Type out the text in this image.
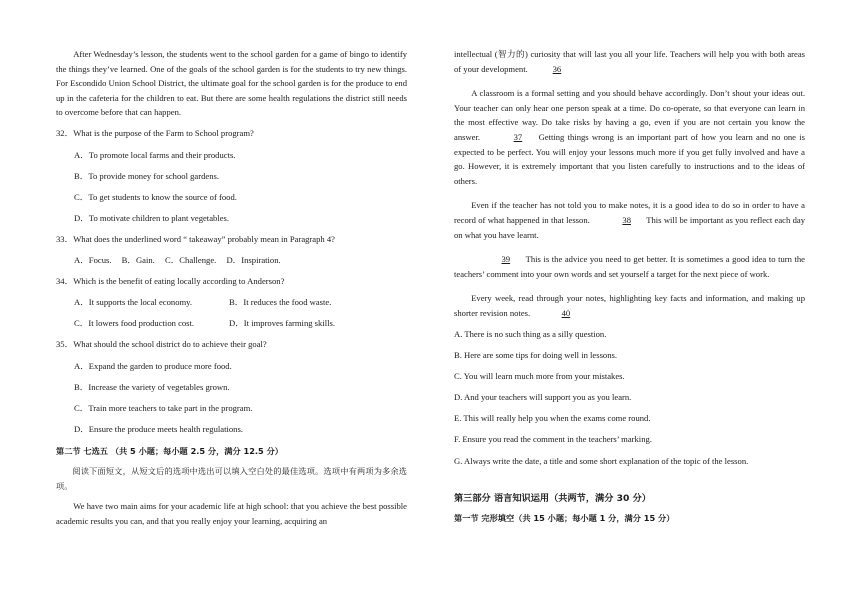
After Wednesday’s lesson, the students went to the school garden for a game of bingo to identify the things they’ve learned. One of the goals of the school garden is for the students to try new things. For Escondido Union School District, the ultimate goal for the school garden is for the produce to end up in the cafeteria for the children to eat. But there are some health regulations the district still needs to overcome before that can happen.

32．What is the purpose of the Farm to School program?

A．To promote local farms and their products.

B．To provide money for school gardens.

C．To get students to know the source of food.

D．To motivate children to plant vegetables.

33．What does the underlined word “ takeaway” probably mean in Paragraph 4?

A．Focus. B．Gain. C．Challenge. D．Inspiration.

34．Which is the benefit of eating locally according to Anderson?

A．It supports the local economy.	B．It reduces the food waste.
C．It lowers food production cost.	D．It improves farming skills.

35．What should the school district do to achieve their goal?

A．Expand the garden to produce more food.

B．Increase the variety of vegetables grown.

C．Train more teachers to take part in the program.

D．Ensure the produce meets health regulations.

第二节 七选五 （共 5 小题；每小题 2.5 分，满分 12.5 分）

阅读下面短文，从短文后的选项中选出可以填入空白处的最佳选项。选项中有两项为多余选项。

We have two main aims for your academic life at high school: that you achieve the best possible academic results you can, and that you really enjoy your learning, acquiring an

intellectual (智力的) curiosity that will last you all your life. Teachers will help you with both areas of your development.	36

A classroom is a formal setting and you should behave accordingly. Don’t shout your ideas out. Your teacher can only hear one person speak at a time. Do co-operate, so that everyone can learn in the most effective way. Do take risks by having a go, even if you are not certain you know the answer.	37 Getting things wrong is an important part of how you learn and no one is expected to be perfect. You will enjoy your lessons much more if you get fully involved and have a go. However, it is extremely important that you listen carefully to instructions and to the ideas of others.

Even if the teacher has not told you to make notes, it is a good idea to do so in order to have a record of what happened in that lesson.	38 This will be important as you reflect each day on what you have learnt.

39 This is the advice you need to get better. It is sometimes a good idea to turn the teachers’ comment into your own words and set yourself a target for the next piece of work.

Every week, read through your notes, highlighting key facts and information, and making up shorter revision notes.	40

A. There is no such thing as a silly question.

B. Here are some tips for doing well in lessons.

C. You will learn much more from your mistakes.

D. And your teachers will support you as you learn.

E. This will really help you when the exams come round.

F. Ensure you read the comment in the teachers’ marking.

G. Always write the date, a title and some short explanation of the topic of the lesson.

第三部分 语言知识运用（共两节，满分 30 分）

第一节 完形填空（共 15 小题；每小题 1 分，满分 15 分）
